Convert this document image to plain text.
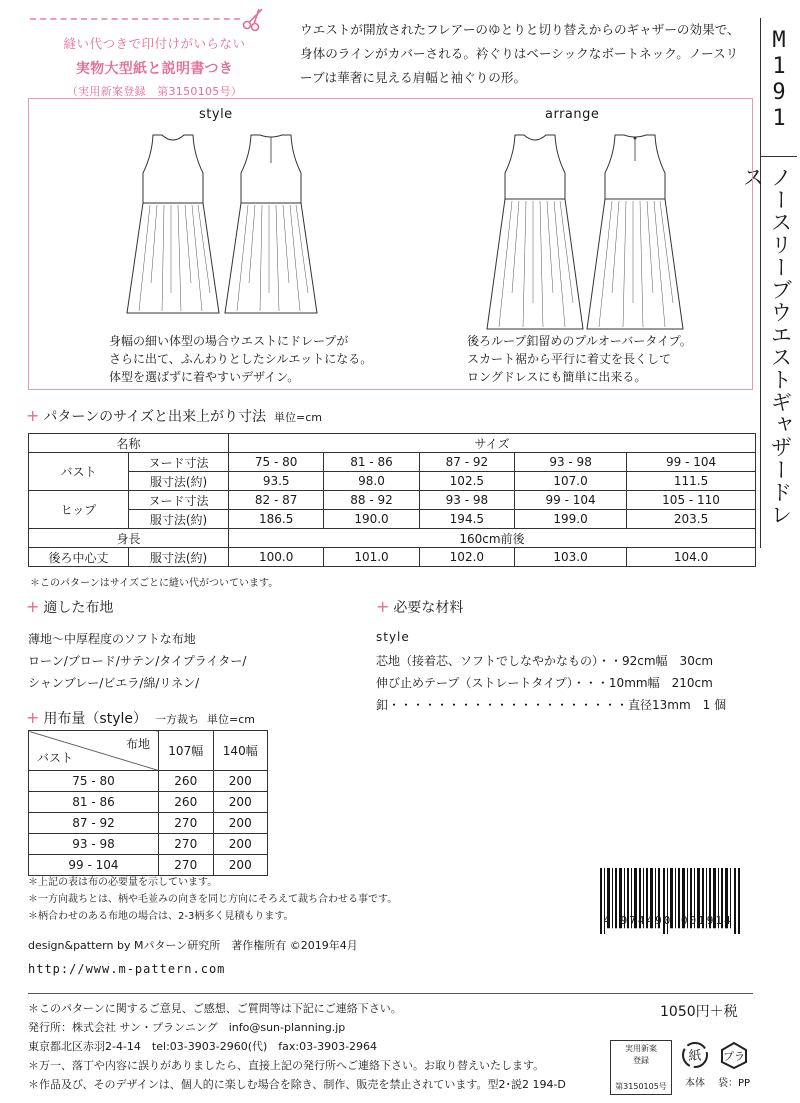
縫い代つきで印付けがいらない
実物大型紙と説明書つき
（実用新案登録　第3150105号）
ウエストが開放されたフレアーのゆとりと切り替えからのギャザーの効果で、身体のラインがカバーされる。衿ぐりはベーシックなボートネック。ノースリーブは華奢に見える肩幅と袖ぐりの形。
M
1
9
1
ノースリーブウエストギャザードレス
style	arrange
身幅の細い体型の場合ウエストにドレープが
さらに出て、ふんわりとしたシルエットになる。
体型を選ばずに着やすいデザイン。
後ろループ釦留めのプルオーバータイプ。
スカート裾から平行に着丈を長くして
ロングドレスにも簡単に出来る。
+ パターンのサイズと出来上がり寸法 単位=cm
名称		サイズ				
バスト	ヌード寸法	75 - 80	81 - 86	87 - 92	93 - 98	99 - 104
	服寸法(約)	93.5	98.0	102.5	107.0	111.5
ヒップ	ヌード寸法	82 - 87	88 - 92	93 - 98	99 - 104	105 - 110
	服寸法(約)	186.5	190.0	194.5	199.0	203.5
身長		160cm前後				
後ろ中心丈	服寸法(約)	100.0	101.0	102.0	103.0	104.0
＊このパターンはサイズごとに縫い代がついています。
+ 適した布地
薄地〜中厚程度のソフトな布地
ローン/ブロード/サテン/タイプライター/
シャンブレー/ビエラ/綿/リネン/
+ 必要な材料
style
芯地（接着芯、ソフトでしなやかなもの）・・92cm幅　30cm
伸び止めテープ（ストレートタイプ）・・・10mm幅　210cm
釦・・・・・・・・・・・・・・・・・・・・直径13mm　1 個
+ 用布量（style） 一方裁ち 単位=cm
布地
バスト	107幅	140幅
75 - 80	260	200
81 - 86	260	200
87 - 92	270	200
93 - 98	270	200
99 - 104	270	200
＊上記の表は布の必要量を示しています。
＊一方向裁ちとは、柄や毛並みの向きを同じ方向にそろえて裁ち合わせる事です。
＊柄合わせのある布地の場合は、2-3柄多く見積もります。	4 974490 001914
design&pattern by Mパターン研究所　著作権所有 ©2019年4月
http://www.m-pattern.com
＊このパターンに関するご意見、ご感想、ご質問等は下記にご連絡下さい。
発行所：株式会社 サン・プランニング　info@sun-planning.jp
東京都北区赤羽2-4-14　tel:03-3903-2960(代)　fax:03-3903-2964
＊万一、落丁や内容に誤りがありましたら、直接上記の発行所へご連絡下さい。お取り替えいたします。
＊作品及び、そのデザインは、個人的に楽しむ場合を除き、制作、販売を禁止されています。型2･説2 194-D
1050円＋税
実用新案
登録
第3150105号
紙
本体
プラ
袋：PP
